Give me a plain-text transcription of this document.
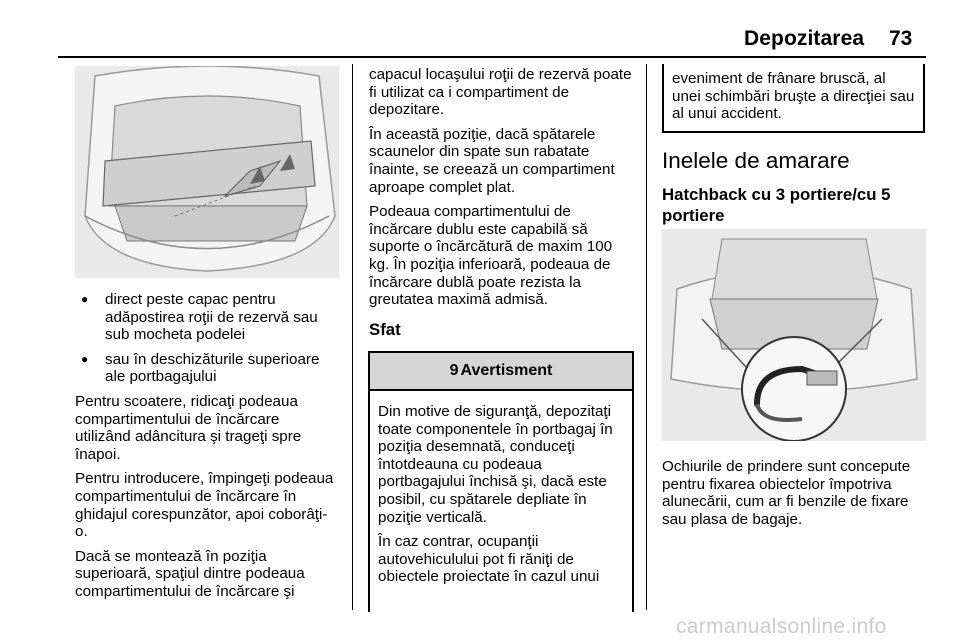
Depozitarea 73
● direct peste capac pentru adăpostirea roţii de rezervă sau sub mocheta podelei
● sau în deschizăturile superioare ale portbagajului

Pentru scoatere, ridicaţi podeaua compartimentului de încărcare utilizând adâncitura şi trageţi spre înapoi.

Pentru introducere, împingeţi podeaua compartimentului de încărcare în ghidajul corespunzător, apoi coborâţi-o.

Dacă se montează în poziţia superioară, spaţiul dintre podeaua compartimentului de încărcare şi

capacul locaşului roţii de rezervă poate fi utilizat ca i compartiment de depozitare.

În această poziţie, dacă spătarele scaunelor din spate sun rabatate înainte, se creează un compartiment aproape complet plat.

Podeaua compartimentului de încărcare dublu este capabilă să suporte o încărcătură de maxim 100 kg. În poziţia inferioară, podeaua de încărcare dublă poate rezista la greutatea maximă admisă.

Sfat
9 Avertisment

Din motive de siguranţă, depozitaţi toate componentele în portbagaj în poziţia desemnată, conduceţi întotdeauna cu podeaua portbagajului închisă şi, dacă este posibil, cu spătarele depliate în poziţie verticală.

În caz contrar, ocupanţii autovehiculului pot fi răniţi de obiectele proiectate în cazul unui

eveniment de frânare bruscă, al unei schimbări bruşte a direcţiei sau al unui accident.
Inelele de amarare
Hatchback cu 3 portiere/cu 5 portiere

Ochiurile de prindere sunt concepute pentru fixarea obiectelor împotriva alunecării, cum ar fi benzile de fixare sau plasa de bagaje.

carmanualsonline.info
